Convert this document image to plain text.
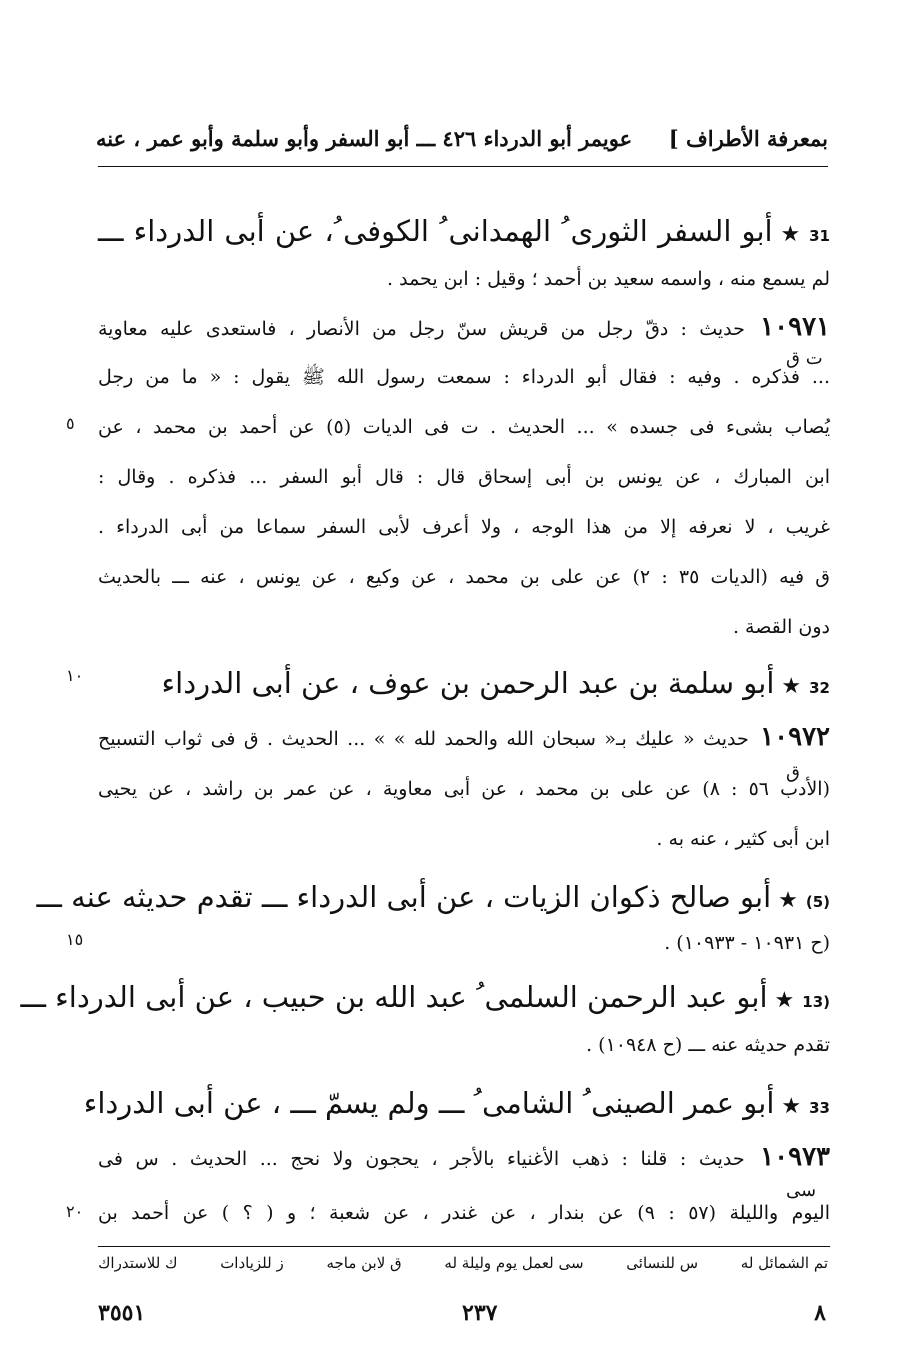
بمعرفة الأطراف ]
عويمر أبو الدرداء ٤٢٦ ـــ أبو السفر وأبو سلمة وأبو عمر ، عنه
31★ أبو السفر الثورى ُ الهمدانى ُ الكوفى ُ، عن أبى الدرداء ـــ
لم يسمع منه ، واسمه سعيد بن أحمد ؛ وقيل : ابن يحمد .
١٠٩٧١ حديث : دقّ رجل من قريش سنّ رجل من الأنصار ، فاستعدى عليه معاوية
... فذكره . وفيه : فقال أبو الدرداء : سمعت رسول الله ﷺ يقول : « ما من رجل
يُصاب بشىء فى جسده » ... الحديث . ت فى الديات (٥) عن أحمد بن محمد ، عن
ابن المبارك ، عن يونس بن أبى إسحاق قال : قال أبو السفر ... فذكره . وقال :
غريب ، لا نعرفه إلا من هذا الوجه ، ولا أعرف لأبى السفر سماعا من أبى الدرداء .
ق فيه (الديات ٣٥ : ٢) عن على بن محمد ، عن وكيع ، عن يونس ، عنه ـــ بالحديث
دون القصة .
32★ أبو سلمة بن عبد الرحمن بن عوف ، عن أبى الدرداء
١٠٩٧٢ حديث « عليك بـ« سبحان الله والحمد لله » » ... الحديث . ق فى ثواب التسبيح
(الأدب ٥٦ : ٨) عن على بن محمد ، عن أبى معاوية ، عن عمر بن راشد ، عن يحيى
ابن أبى كثير ، عنه به .
(5)★ أبو صالح ذكوان الزيات ، عن أبى الدرداء ـــ تقدم حديثه عنه ـــ
(ح ١٠٩٣١ - ١٠٩٣٣) .
13)★ أبو عبد الرحمن السلمى ُ عبد الله بن حبيب ، عن أبى الدرداء ـــ
تقدم حديثه عنه ـــ (ح ١٠٩٤٨) .
33★ أبو عمر الصينى ُ الشامى ُ ـــ ولم يسمّ ـــ ، عن أبى الدرداء
١٠٩٧٣ حديث : قلنا : ذهب الأغنياء بالأجر ، يحجون ولا نحج ... الحديث . س فى
اليوم والليلة (٥٧ : ٩) عن بندار ، عن غندر ، عن شعبة ؛ و ( ؟ ) عن أحمد بن
ت ق
ق
سى
٥
١٠
١٥
٢٠
تم الشمائل له
س للنسائى
سى لعمل يوم وليلة له
ق لابن ماجه
ز للزيادات
ك للاستدراك
٨
٢٣٧
٣٥٥١
